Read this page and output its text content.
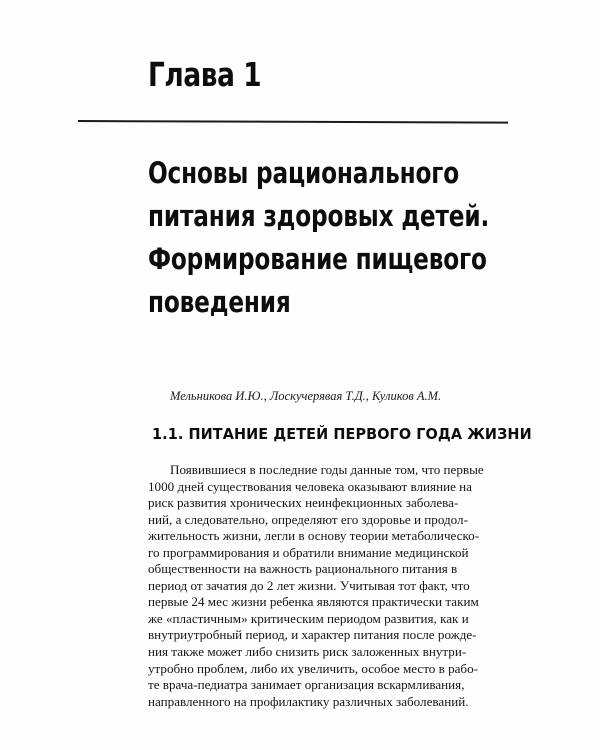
Глава 1
Основы рационального
питания здоровых детей.
Формирование пищевого
поведения
Мельникова И.Ю., Лоскучерявая Т.Д., Куликов А.М.
1.1. ПИТАНИЕ ДЕТЕЙ ПЕРВОГО ГОДА ЖИЗНИ
Появившиеся в последние годы данные том, что первые
1000 дней существования человека оказывают влияние на
риск развития хронических неинфекционных заболева-
ний, а следовательно, определяют его здоровье и продол-
жительность жизни, легли в основу теории метаболическо-
го программирования и обратили внимание медицинской
общественности на важность рационального питания в
период от зачатия до 2 лет жизни. Учитывая тот факт, что
первые 24 мес жизни ребенка являются практически таким
же «пластичным» критическим периодом развития, как и
внутриутробный период, и характер питания после рожде-
ния также может либо снизить риск заложенных внутри-
утробно проблем, либо их увеличить, особое место в рабо-
те врача-педиатра занимает организация вскармливания,
направленного на профилактику различных заболеваний.
